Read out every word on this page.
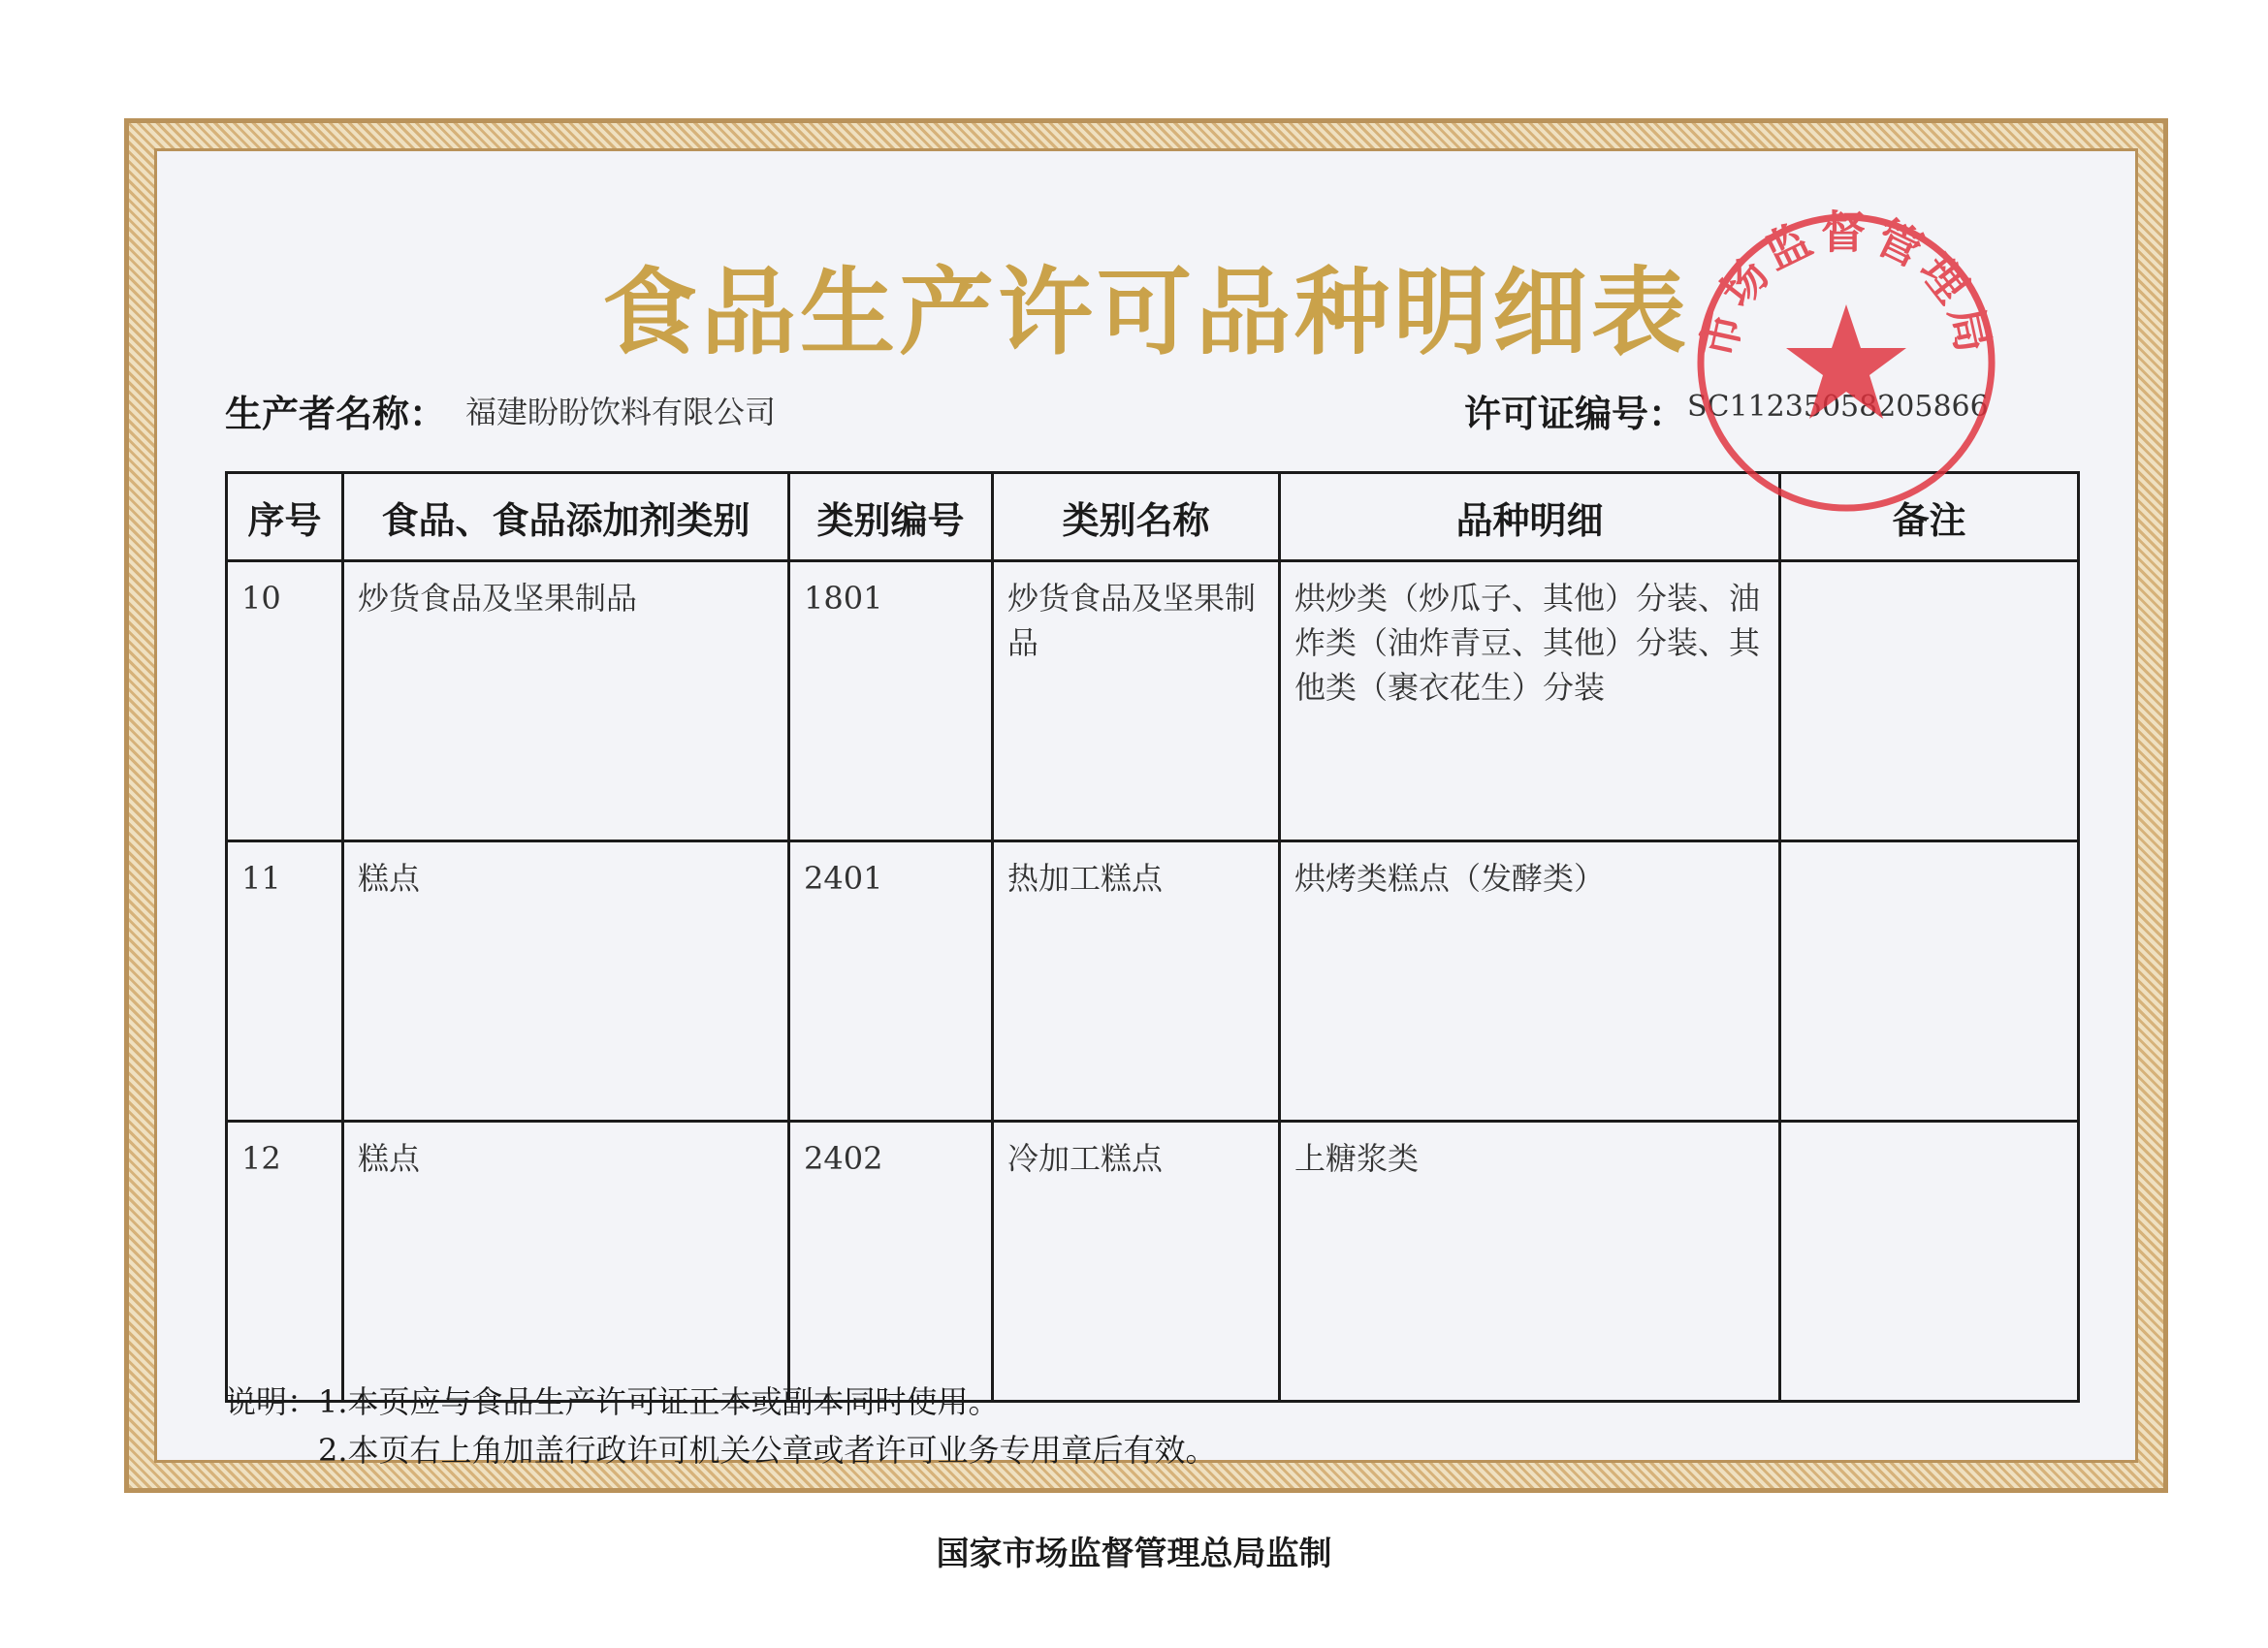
食品生产许可品种明细表
生产者名称： 福建盼盼饮料有限公司	许可证编号： SC11235058205866
序号	食品、食品添加剂类别	类别编号	类别名称	品种明细	备注
10	炒货食品及坚果制品	1801	炒货食品及坚果制品	烘炒类（炒瓜子、其他）分装、油炸类（油炸青豆、其他）分装、其他类（裹衣花生）分装	
11	糕点	2401	热加工糕点	烘烤类糕点（发酵类）	
12	糕点	2402	冷加工糕点	上糖浆类	
说明：1.本页应与食品生产许可证正本或副本同时使用。
2.本页右上角加盖行政许可机关公章或者许可业务专用章后有效。
市场监督管理局
国家市场监督管理总局监制
